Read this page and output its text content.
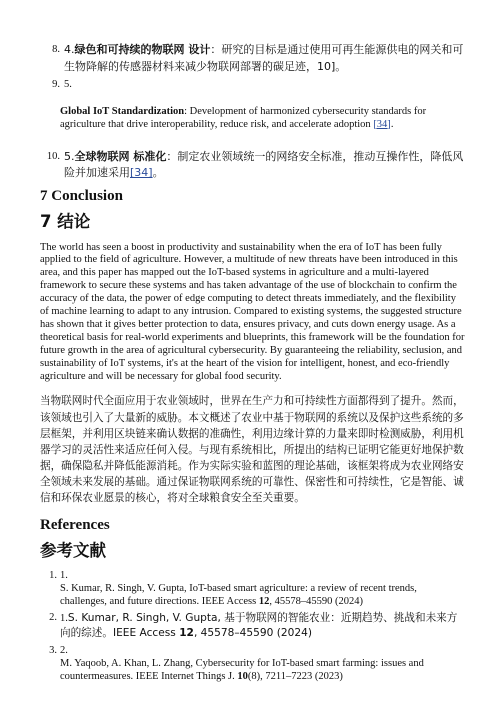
8. 4.绿色和可持续的物联网 设计：研究的目标是通过使用可再生能源供电的网关和可生物降解的传感器材料来减少物联网部署的碳足迹，10]。
9. 5.
Global IoT Standardization: Development of harmonized cybersecurity standards for agriculture that drive interoperability, reduce risk, and accelerate adoption [34].
10. 5.全球物联网 标准化：制定农业领域统一的网络安全标准，推动互操作性，降低风险并加速采用[34]。
7 Conclusion
7 结论

The world has seen a boost in productivity and sustainability when the era of IoT has been fully applied to the field of agriculture. However, a multitude of new threats have been introduced in this area, and this paper has mapped out the IoT-based systems in agriculture and a multi-layered framework to secure these systems and has taken advantage of the use of blockchain to confirm the accuracy of the data, the power of edge computing to detect threats immediately, and the flexibility of machine learning to adapt to any intrusion. Compared to existing systems, the suggested structure has shown that it gives better protection to data, ensures privacy, and cuts down energy usage. As a theoretical basis for real-world experiments and blueprints, this framework will be the foundation for future growth in the area of agricultural cybersecurity. By guaranteeing the reliability, seclusion, and sustainability of IoT systems, it's at the heart of the vision for intelligent, honest, and eco-friendly agriculture and will be necessary for global food security.

当物联网时代全面应用于农业领域时，世界在生产力和可持续性方面都得到了提升。然而，该领域也引入了大量新的威胁。本文概述了农业中基于物联网的系统以及保护这些系统的多层框架，并利用区块链来确认数据的准确性，利用边缘计算的力量来即时检测威胁，利用机器学习的灵活性来适应任何入侵。与现有系统相比，所提出的结构已证明它能更好地保护数据，确保隐私并降低能源消耗。作为实际实验和蓝图的理论基础，该框架将成为农业网络安全领域未来发展的基础。通过保证物联网系统的可靠性、保密性和可持续性，它是智能、诚信和环保农业愿景的核心，将对全球粮食安全至关重要。

References
参考文献
1. 1.
S. Kumar, R. Singh, V. Gupta, IoT-based smart agriculture: a review of recent trends, challenges, and future directions. IEEE Access 12, 45578–45590 (2024)
2. 1.S. Kumar, R. Singh, V. Gupta, 基于物联网的智能农业：近期趋势、挑战和未来方向的综述。IEEE Access 12, 45578–45590 (2024)
3. 2.
M. Yaqoob, A. Khan, L. Zhang, Cybersecurity for IoT-based smart farming: issues and countermeasures. IEEE Internet Things J. 10(8), 7211–7223 (2023)
